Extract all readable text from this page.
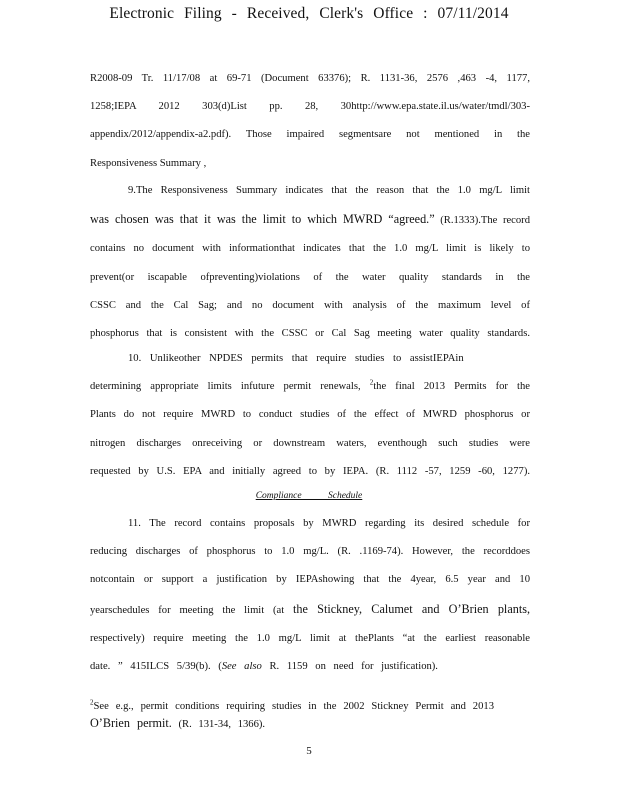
Electronic Filing - Received, Clerk's Office : 07/11/2014
R2008-09 Tr. 11/17/08 at 69-71 (Document 63376); R. 1131-36, 2576 ,463 -4, 1177,
1258;IEPA 2012 303(d)List pp. 28, 30http://www.epa.state.il.us/water/tmdl/303-
appendix/2012/appendix-a2.pdf). Those impaired segmentsare not mentioned in the
Responsiveness Summary ,
9.The Responsiveness Summary indicates that the reason that the 1.0 mg/L limit
was chosen was that it was the limit to which MWRD “agreed.” (R.1333).The record
contains no document with informationthat indicates that the 1.0 mg/L limit is likely to
prevent(or iscapable ofpreventing)violations of the water quality standards in the
CSSC and the Cal Sag; and no document with analysis of the maximum level of
phosphorus that is consistent with the CSSC or Cal Sag meeting water quality standards.
10. Unlikeother NPDES permits that require studies to assistIEPAin
determining appropriate limits infuture permit renewals, $^2$the final 2013 Permits for the
Plants do not require MWRD to conduct studies of the effect of MWRD phosphorus or
nitrogen discharges onreceiving or downstream waters, eventhough such studies were
requested by U.S. EPA and initially agreed to by IEPA. (R. 1112 -57, 1259 -60, 1277).
Compliance Schedule
11. The record contains proposals by MWRD regarding its desired schedule for
reducing discharges of phosphorus to 1.0 mg/L. (R. .1169-74). However, the recorddoes
notcontain or support a justification by IEPAshowing that the 4year, 6.5 year and 10
yearschedules for meeting the limit (at the Stickney, Calumet and O’Brien plants,
respectively) require meeting the 1.0 mg/L limit at thePlants “at the earliest reasonable
date. ” 415ILCS 5/39(b). (See also R. 1159 on need for justification).
$^2$See e.g., permit conditions requiring studies in the 2002 Stickney Permit and 2013
O’Brien permit. (R. 131-34, 1366).
5
